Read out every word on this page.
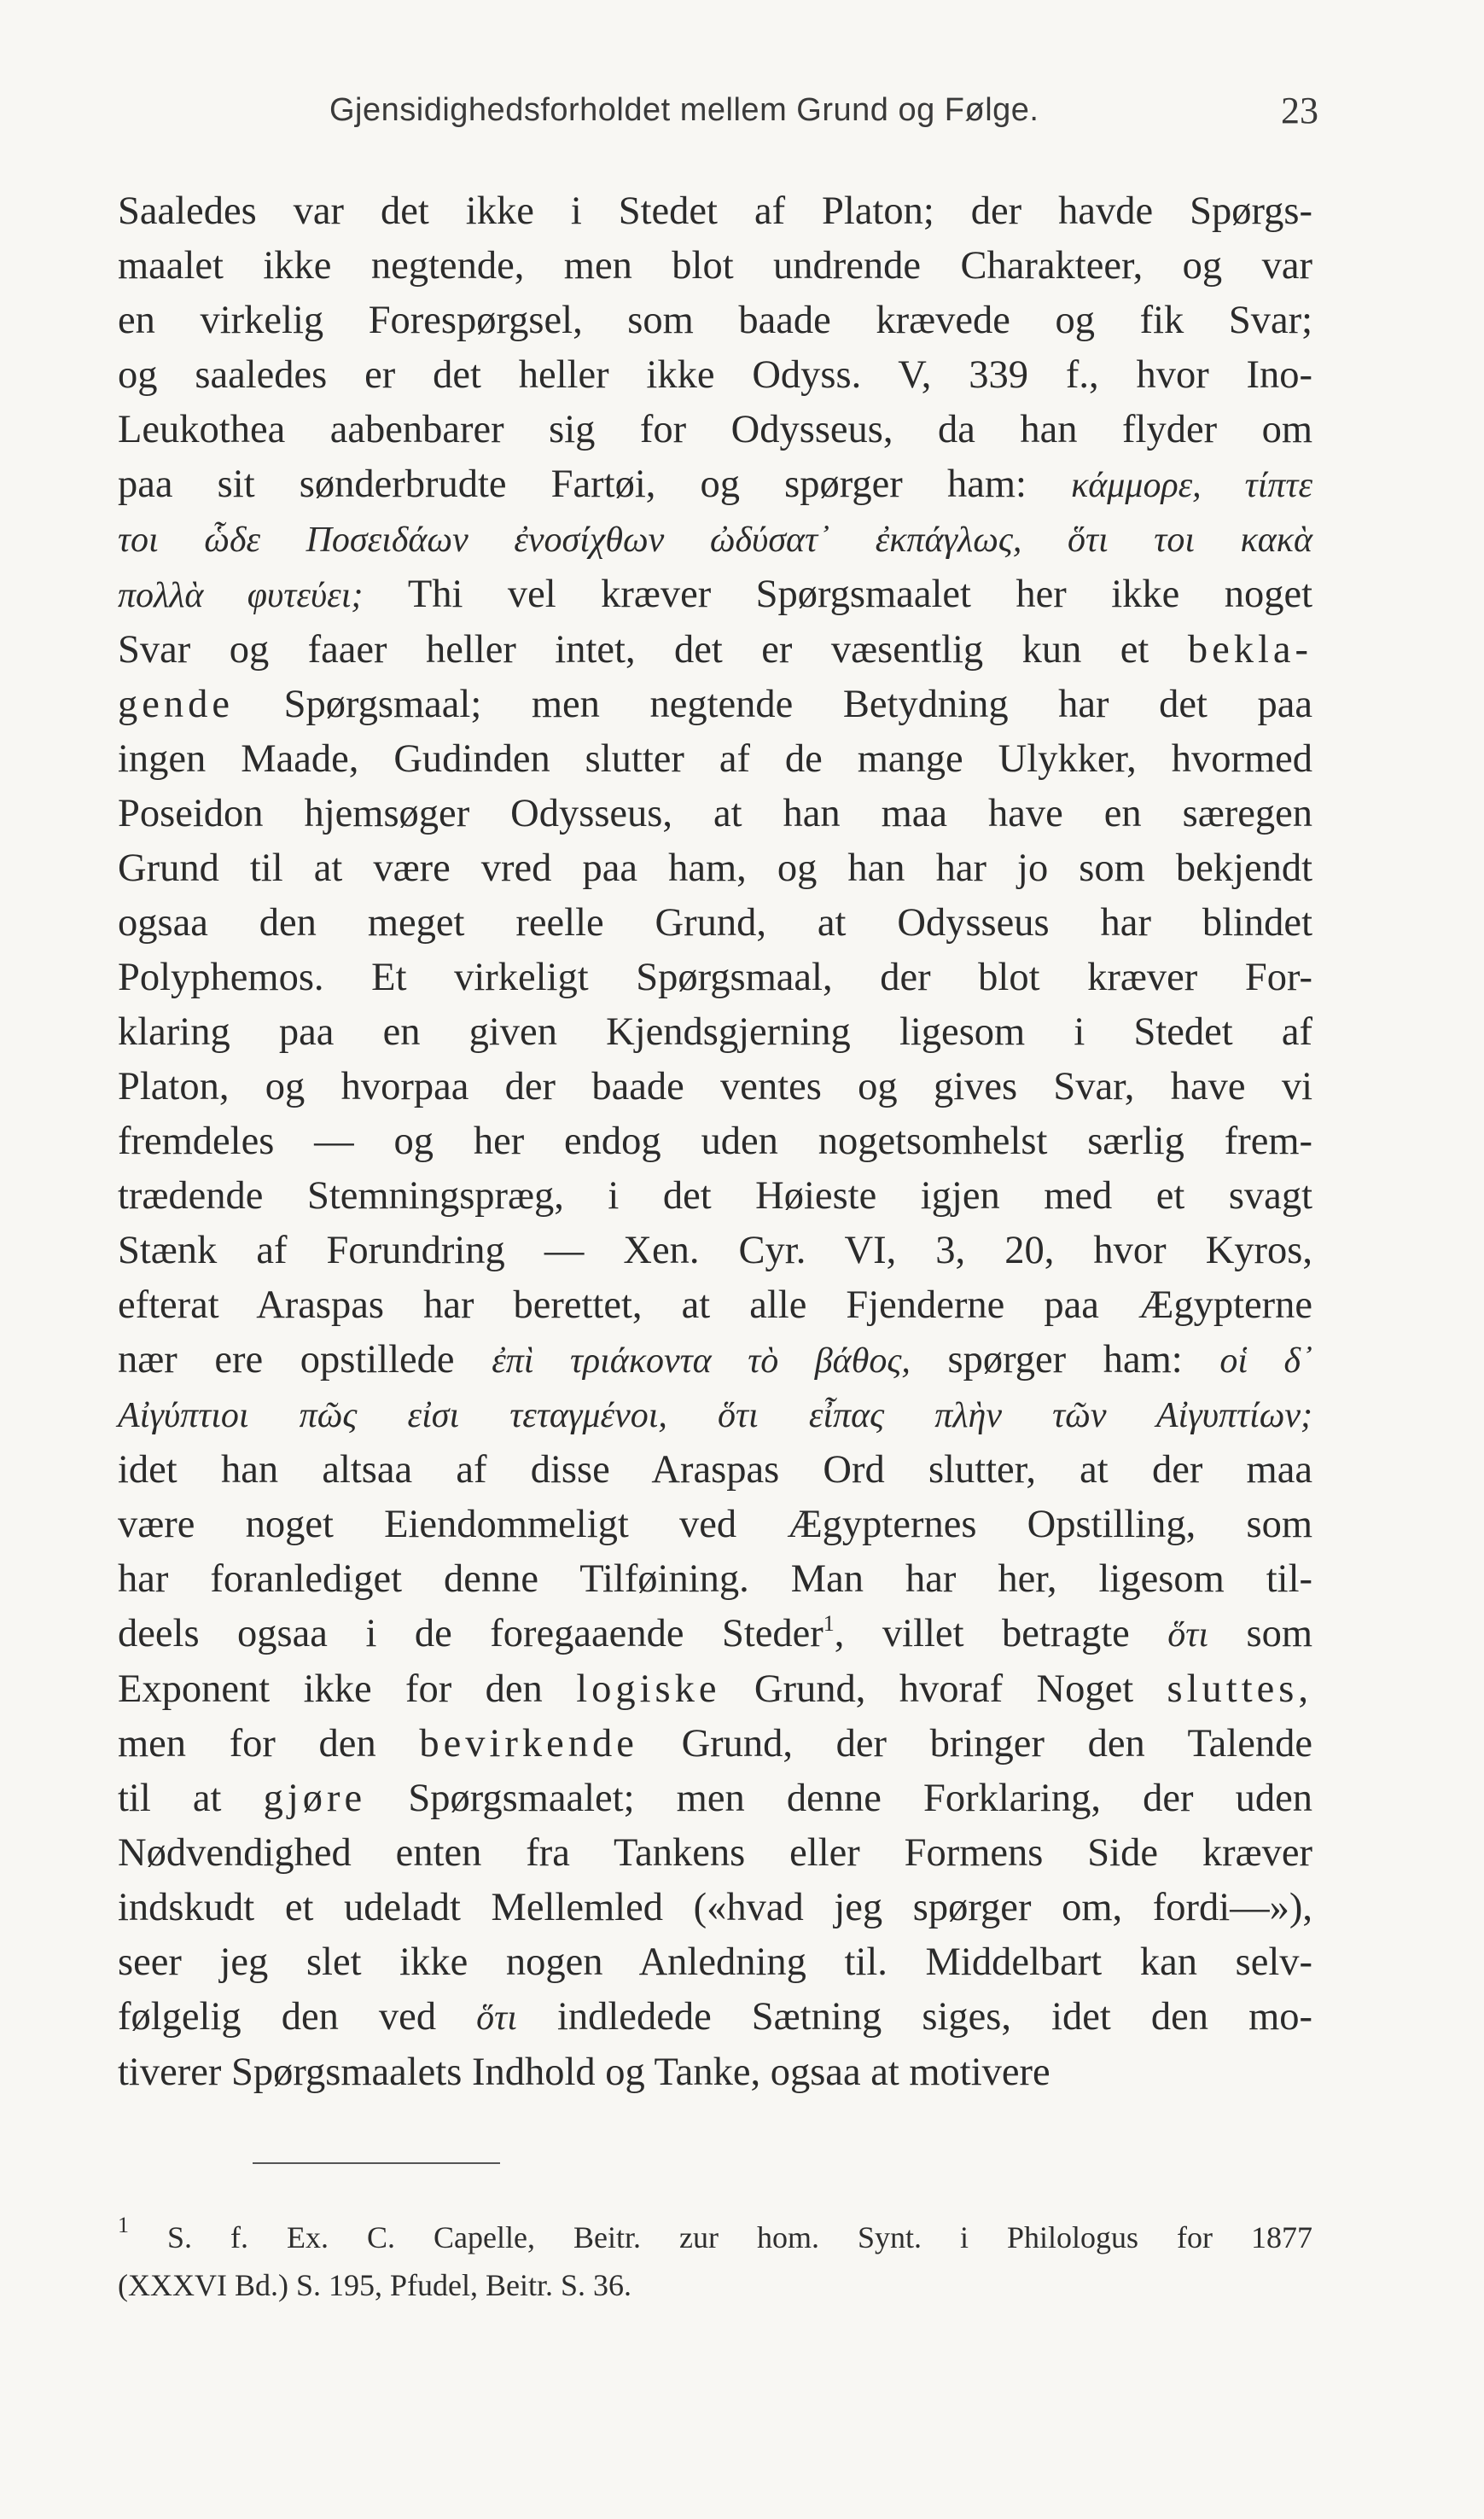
Gjensidighedsforholdet mellem Grund og Følge.	23
Saaledes var det ikke i Stedet af Platon; der havde Spørgs-
maalet ikke negtende, men blot undrende Charakteer, og var
en virkelig Forespørgsel, som baade krævede og fik Svar;
og saaledes er det heller ikke Odyss. V, 339 f., hvor Ino-
Leukothea aabenbarer sig for Odysseus, da han flyder om
paa sit sønderbrudte Fartøi, og spørger ham: κάμμορε, τίπτε
τοι ὧδε Ποσειδάων ἐνοσίχθων ὠδύσατ᾽ ἐκπάγλως, ὅτι τοι κακὰ
πολλὰ φυτεύει; Thi vel kræver Spørgsmaalet her ikke noget
Svar og faaer heller intet, det er væsentlig kun et bekla-
gende Spørgsmaal; men negtende Betydning har det paa
ingen Maade, Gudinden slutter af de mange Ulykker, hvormed
Poseidon hjemsøger Odysseus, at han maa have en særegen
Grund til at være vred paa ham, og han har jo som bekjendt
ogsaa den meget reelle Grund, at Odysseus har blindet
Polyphemos. Et virkeligt Spørgsmaal, der blot kræver For-
klaring paa en given Kjendsgjerning ligesom i Stedet af
Platon, og hvorpaa der baade ventes og gives Svar, have vi
fremdeles — og her endog uden nogetsomhelst særlig frem-
trædende Stemningspræg, i det Høieste igjen med et svagt
Stænk af Forundring — Xen. Cyr. VI, 3, 20, hvor Kyros,
efterat Araspas har berettet, at alle Fjenderne paa Ægypterne
nær ere opstillede ἐπὶ τριάκοντα τὸ βάθος, spørger ham: οἱ δ᾽
Αἰγύπτιοι πῶς εἰσι τεταγμένοι, ὅτι εἶπας πλὴν τῶν Αἰγυπτίων;
idet han altsaa af disse Araspas Ord slutter, at der maa
være noget Eiendommeligt ved Ægypternes Opstilling, som
har foranlediget denne Tilføining. Man har her, ligesom til-
deels ogsaa i de foregaaende Steder$^1$, villet betragte ὅτι som
Exponent ikke for den logiske Grund, hvoraf Noget sluttes,
men for den bevirkende Grund, der bringer den Talende
til at gjøre Spørgsmaalet; men denne Forklaring, der uden
Nødvendighed enten fra Tankens eller Formens Side kræver
indskudt et udeladt Mellemled («hvad jeg spørger om, fordi—»),
seer jeg slet ikke nogen Anledning til. Middelbart kan selv-
følgelig den ved ὅτι indledede Sætning siges, idet den mo-
tiverer Spørgsmaalets Indhold og Tanke, ogsaa at motivere
$^1$ S. f. Ex. C. Capelle, Beitr. zur hom. Synt. i Philologus for 1877
(XXXVI Bd.) S. 195, Pfudel, Beitr. S. 36.
